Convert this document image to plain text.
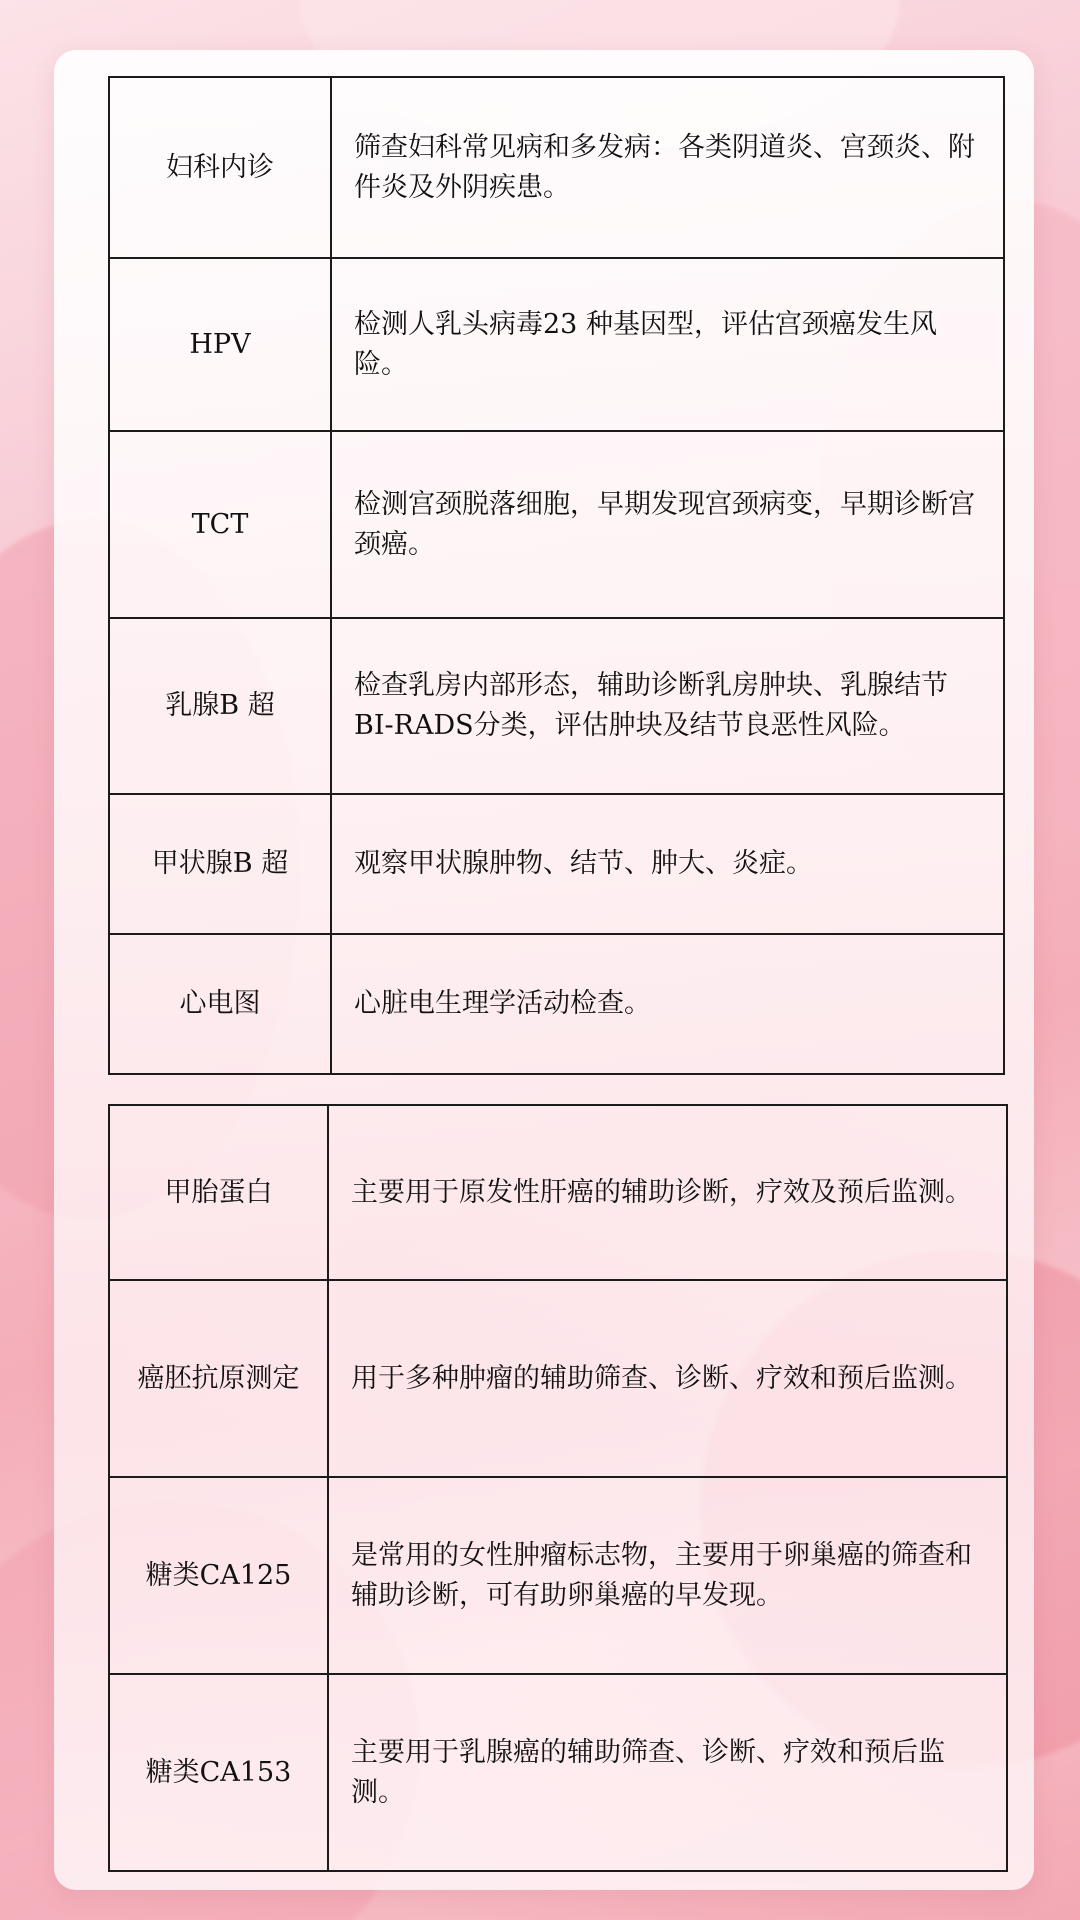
妇科内诊	筛查妇科常见病和多发病：各类阴道炎、宫颈炎、附件炎及外阴疾患。
HPV	检测人乳头病毒23 种基因型，评估宫颈癌发生风险。
TCT	检测宫颈脱落细胞，早期发现宫颈病变，早期诊断宫颈癌。
乳腺B 超	检查乳房内部形态，辅助诊断乳房肿块、乳腺结节BI-RADS分类，评估肿块及结节良恶性风险。
甲状腺B 超	观察甲状腺肿物、结节、肿大、炎症。
心电图	心脏电生理学活动检查。
甲胎蛋白	主要用于原发性肝癌的辅助诊断，疗效及预后监测。
癌胚抗原测定	用于多种肿瘤的辅助筛查、诊断、疗效和预后监测。
糖类CA125	是常用的女性肿瘤标志物，主要用于卵巢癌的筛查和辅助诊断，可有助卵巢癌的早发现。
糖类CA153	主要用于乳腺癌的辅助筛查、诊断、疗效和预后监测。
